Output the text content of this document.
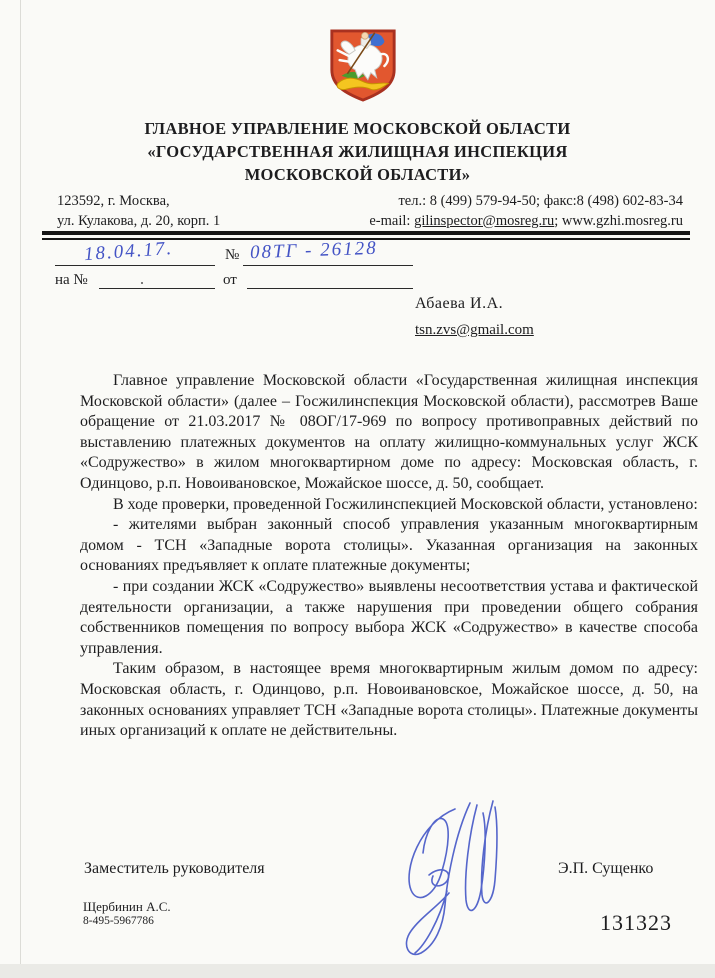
ГЛАВНОЕ УПРАВЛЕНИЕ МОСКОВСКОЙ ОБЛАСТИ
«ГОСУДАРСТВЕННАЯ ЖИЛИЩНАЯ ИНСПЕКЦИЯ
МОСКОВСКОЙ ОБЛАСТИ»
123592, г. Москва,
ул. Кулакова, д. 20, корп. 1
тел.: 8 (499) 579-94-50; факс:8 (498) 602-83-34
e-mail: gilinspector@mosreg.ru; www.gzhi.mosreg.ru
18.04.17.	№ 08ТГ - 26128
на №	от
Абаева И.А.
tsn.zvs@gmail.com

Главное управление Московской области «Государственная жилищная инспекция Московской области» (далее – Госжилинспекция Московской области), рассмотрев Ваше обращение от 21.03.2017 № 08ОГ/17-969 по вопросу противоправных действий по выставлению платежных документов на оплату жилищно-коммунальных услуг ЖСК «Содружество» в жилом многоквартирном доме по адресу: Московская область, г. Одинцово, р.п. Новоивановское, Можайское шоссе, д. 50, сообщает.

В ходе проверки, проведенной Госжилинспекцией Московской области, установлено:

- жителями выбран законный способ управления указанным многоквартирным домом - ТСН «Западные ворота столицы». Указанная организация на законных основаниях предъявляет к оплате платежные документы;

- при создании ЖСК «Содружество» выявлены несоответствия устава и фактической деятельности организации, а также нарушения при проведении общего собрания собственников помещения по вопросу выбора ЖСК «Содружество» в качестве способа управления.

Таким образом, в настоящее время многоквартирным жилым домом по адресу: Московская область, г. Одинцово, р.п. Новоивановское, Можайское шоссе, д. 50, на законных основаниях управляет ТСН «Западные ворота столицы». Платежные документы иных организаций к оплате не действительны.

Заместитель руководителя	Э.П. Сущенко
Щербинин А.С.
8-495-5967786	131323
